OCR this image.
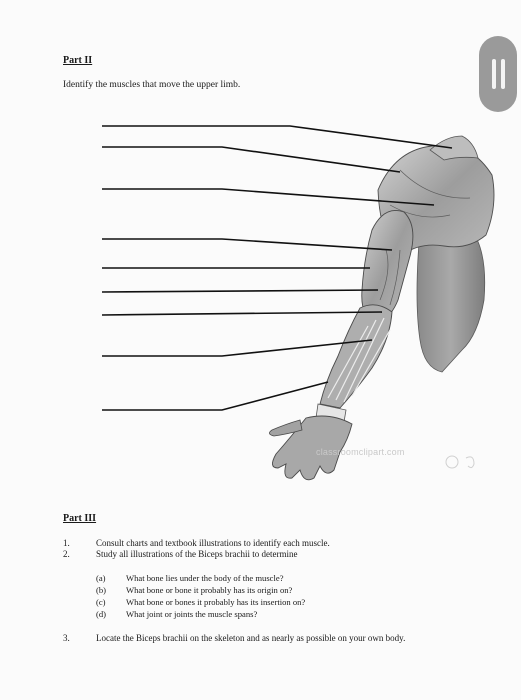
Part II
Identify the muscles that move the upper limb.
classroomclipart.com
Part III
1.	Consult charts and textbook illustrations to identify each muscle.
2.	Study all illustrations of the Biceps brachii to determine
(a) What bone lies under the body of the muscle?
(b) What bone or bone it probably has its origin on?
(c) What bone or bones it probably has its insertion on?
(d) What joint or joints the muscle spans?
3.	Locate the Biceps brachii on the skeleton and as nearly as possible on your own body.
